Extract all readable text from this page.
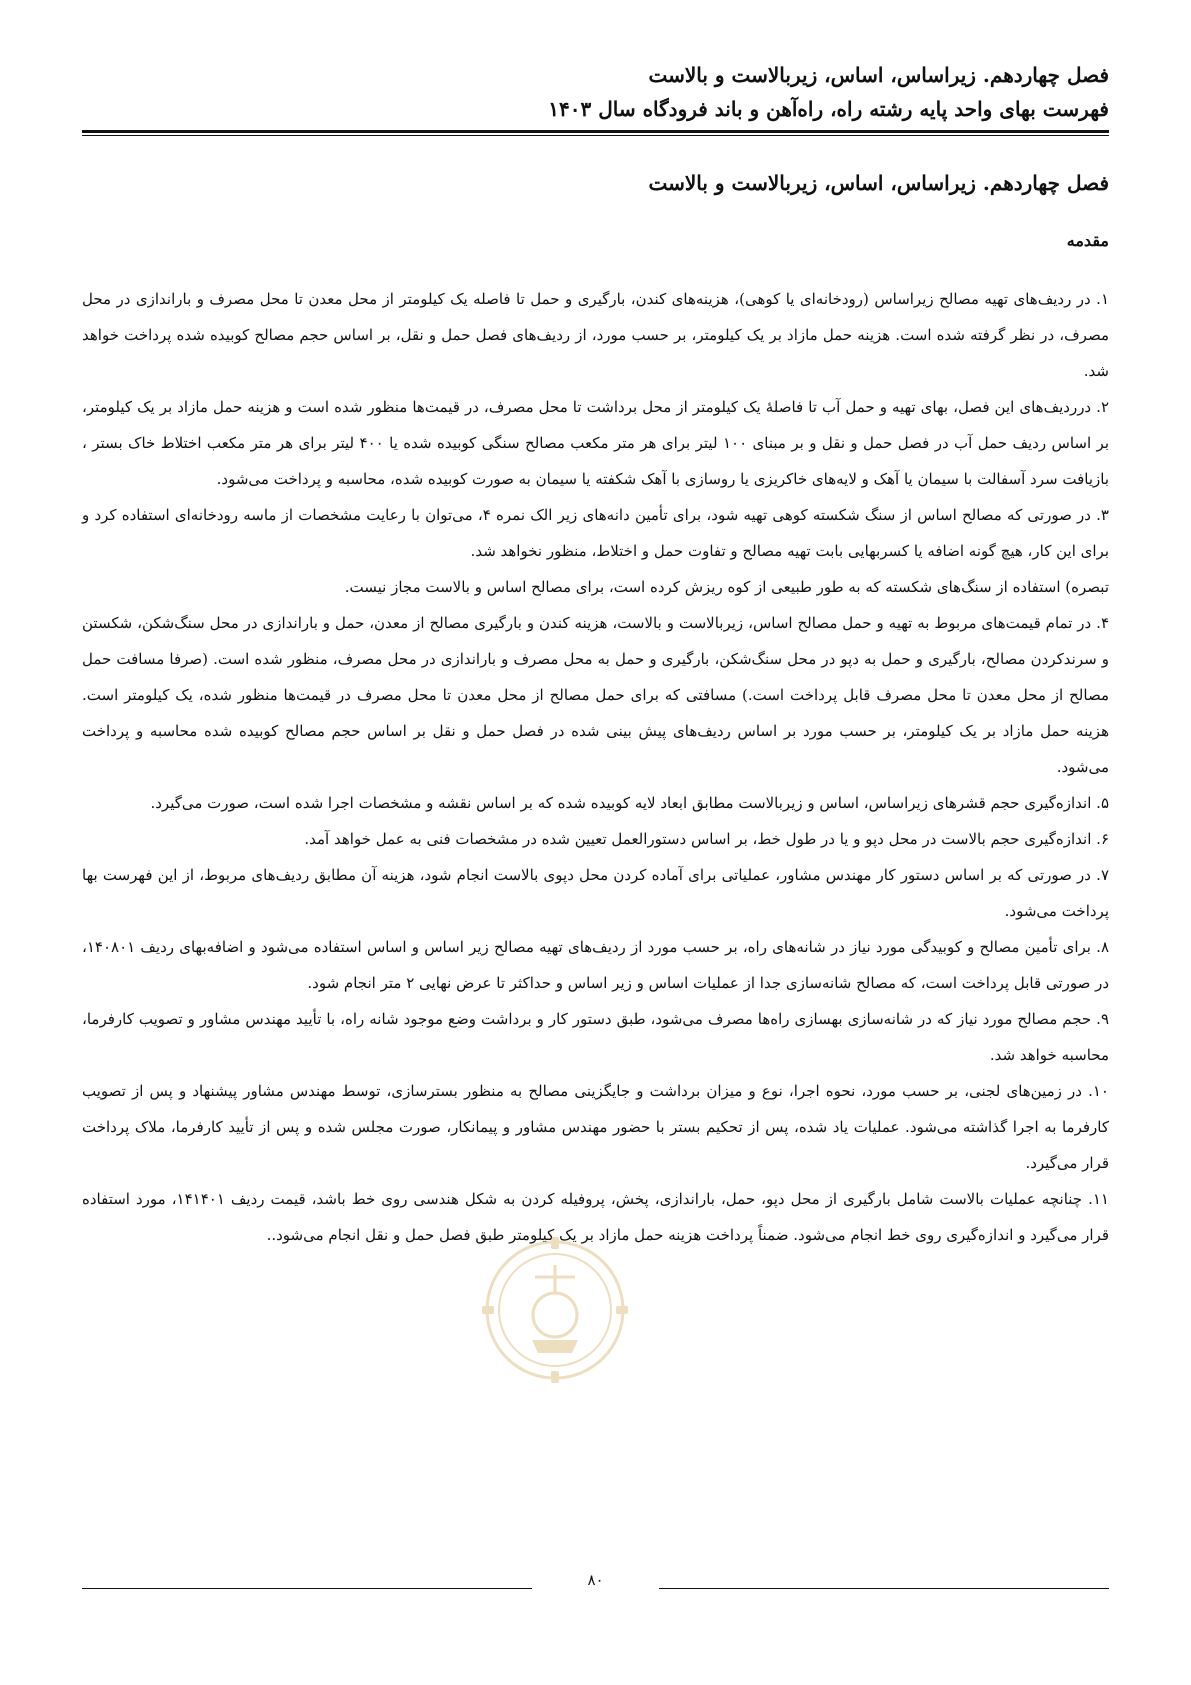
فصل چهاردهم. زیراساس، اساس، زیربالاست و بالاست
فهرست بهای واحد پایه رشته راه، راه‌آهن و باند فرودگاه سال ۱۴۰۳
فصل چهاردهم. زیراساس، اساس، زیربالاست و بالاست
مقدمه

۱. در ردیف‌های تهیه مصالح زیراساس (رودخانه‌ای یا کوهی)، هزینه‌های کندن، بارگیری و حمل تا فاصله یک کیلومتر از محل معدن تا محل مصرف و باراندازی در محل مصرف، در نظر گرفته شده است. هزینه حمل مازاد بر یک کیلومتر، بر حسب مورد، از ردیف‌های فصل حمل و نقل، بر اساس حجم مصالح کوبیده شده پرداخت خواهد شد.

۲. درردیف‌های این فصل، بهای تهیه و حمل آب تا فاصلهٔ یک کیلومتر از محل برداشت تا محل مصرف، در قیمت‌ها منظور شده است و هزینه حمل مازاد بر یک کیلومتر، بر اساس ردیف حمل آب در فصل حمل و نقل و بر مبنای ۱۰۰ لیتر برای هر متر مکعب مصالح سنگی کوبیده شده یا ۴۰۰ لیتر برای هر متر مکعب اختلاط خاک بستر ، بازیافت سرد آسفالت با سیمان یا آهک و لایه‌های خاکریزی یا روسازی با آهک شکفته یا سیمان به صورت کوبیده شده، محاسبه و پرداخت می‌شود.

۳. در صورتی که مصالح اساس از سنگ شکسته کوهی تهیه شود، برای تأمین دانه‌های زیر الک نمره ۴، می‌توان با رعایت مشخصات از ماسه رودخانه‌ای استفاده کرد و برای این کار، هیچ گونه اضافه یا کسربهایی بابت تهیه مصالح و تفاوت حمل و اختلاط، منظور نخواهد شد.

تبصره) استفاده از سنگ‌های شکسته که به طور طبیعی از کوه ریزش کرده است، برای مصالح اساس و بالاست مجاز نیست.

۴. در تمام قیمت‌های مربوط به تهیه و حمل مصالح اساس، زیربالاست و بالاست، هزینه کندن و بارگیری مصالح از معدن، حمل و باراندازی در محل سنگ‌شکن، شکستن و سرندکردن مصالح، بارگیری و حمل به دپو در محل سنگ‌شکن، بارگیری و حمل به محل مصرف و باراندازی در محل مصرف، منظور شده است. (صرفا مسافت حمل مصالح از محل معدن تا محل مصرف قابل پرداخت است.) مسافتی که برای حمل مصالح از محل معدن تا محل مصرف در قیمت‌ها منظور شده، یک کیلومتر است. هزینه حمل مازاد بر یک کیلومتر، بر حسب مورد بر اساس ردیف‌های پیش بینی شده در فصل حمل و نقل بر اساس حجم مصالح کوبیده شده محاسبه و پرداخت می‌شود.

۵. اندازه‌گیری حجم قشرهای زیراساس، اساس و زیربالاست مطابق ابعاد لایه کوبیده شده که بر اساس نقشه و مشخصات اجرا شده است، صورت می‌گیرد.

۶. اندازه‌گیری حجم بالاست در محل دپو و یا در طول خط، بر اساس دستورالعمل تعیین شده در مشخصات فنی به عمل خواهد آمد.

۷. در صورتی که بر اساس دستور کار مهندس مشاور، عملیاتی برای آماده کردن محل دپوی بالاست انجام شود، هزینه آن مطابق ردیف‌های مربوط، از این فهرست بها پرداخت می‌شود.

۸. برای تأمین مصالح و کوبیدگی مورد نیاز در شانه‌های راه، بر حسب مورد از ردیف‌های تهیه مصالح زیر اساس و اساس استفاده می‌شود و اضافه‌بهای ردیف ۱۴۰۸۰۱، در صورتی قابل پرداخت است، که مصالح شانه‌سازی جدا از عملیات اساس و زیر اساس و حداکثر تا عرض نهایی ۲ متر انجام شود.

۹. حجم مصالح مورد نیاز که در شانه‌سازی بهسازی راه‌ها مصرف می‌شود، طبق دستور کار و برداشت وضع موجود شانه راه، با تأیید مهندس مشاور و تصویب کارفرما، محاسبه خواهد شد.

۱۰. در زمین‌های لجنی، بر حسب مورد، نحوه اجرا، نوع و میزان برداشت و جایگزینی مصالح به منظور بسترسازی، توسط مهندس مشاور پیشنهاد و پس از تصویب کارفرما به اجرا گذاشته می‌شود. عملیات یاد شده، پس از تحکیم بستر با حضور مهندس مشاور و پیمانکار، صورت مجلس شده و پس از تأیید کارفرما، ملاک پرداخت قرار می‌گیرد.

۱۱. چنانچه عملیات بالاست شامل بارگیری از محل دپو، حمل، باراندازی، پخش، پروفیله کردن به شکل هندسی روی خط باشد، قیمت ردیف ۱۴۱۴۰۱، مورد استفاده قرار می‌گیرد و اندازه‌گیری روی خط انجام می‌شود. ضمناً پرداخت هزینه حمل مازاد بر یک کیلومتر طبق فصل حمل و نقل انجام می‌شود..

۸۰
